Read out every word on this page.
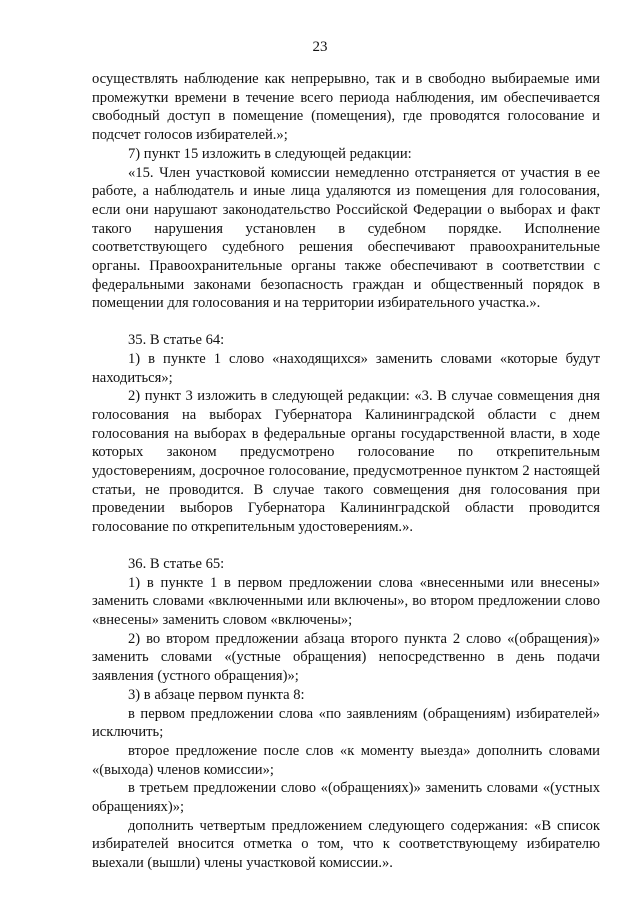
23

осуществлять наблюдение как непрерывно, так и в свободно выбираемые ими промежутки времени в течение всего периода наблюдения, им обеспечивается свободный доступ в помещение (помещения), где проводятся голосование и подсчет голосов избирателей.»;

7) пункт 15 изложить в следующей редакции:

«15. Член участковой комиссии немедленно отстраняется от участия в ее работе, а наблюдатель и иные лица удаляются из помещения для голосования, если они нарушают законодательство Российской Федерации о выборах и факт такого нарушения установлен в судебном порядке. Исполнение соответствующего судебного решения обеспечивают правоохранительные органы. Правоохранительные органы также обеспечивают в соответствии с федеральными законами безопасность граждан и общественный порядок в помещении для голосования и на территории избирательного участка.».

35. В статье 64:

1) в пункте 1 слово «находящихся» заменить словами «которые будут находиться»;

2) пункт 3 изложить в следующей редакции: «3. В случае совмещения дня голосования на выборах Губернатора Калининградской области с днем голосования на выборах в федеральные органы государственной власти, в ходе которых законом предусмотрено голосование по открепительным удостоверениям, досрочное голосование, предусмотренное пунктом 2 настоящей статьи, не проводится. В случае такого совмещения дня голосования при проведении выборов Губернатора Калининградской области проводится голосование по открепительным удостоверениям.».

36. В статье 65:

1) в пункте 1 в первом предложении слова «внесенными или внесены» заменить словами «включенными или включены», во втором предложении слово «внесены» заменить словом «включены»;

2) во втором предложении абзаца второго пункта 2 слово «(обращения)» заменить словами «(устные обращения) непосредственно в день подачи заявления (устного обращения)»;

3) в абзаце первом пункта 8:

в первом предложении слова «по заявлениям (обращениям) избирателей» исключить;

второе предложение после слов «к моменту выезда» дополнить словами «(выхода) членов комиссии»;

в третьем предложении слово «(обращениях)» заменить словами «(устных обращениях)»;

дополнить четвертым предложением следующего содержания: «В список избирателей вносится отметка о том, что к соответствующему избирателю выехали (вышли) члены участковой комиссии.».
